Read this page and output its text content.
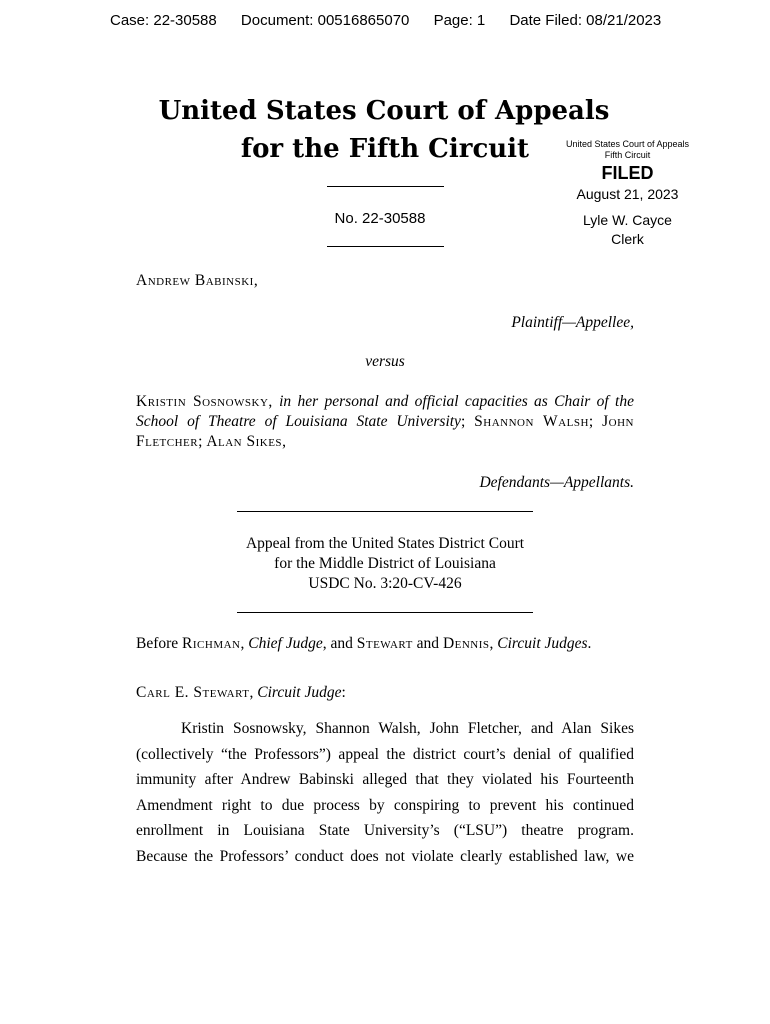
Case: 22-30588 Document: 00516865070 Page: 1 Date Filed: 08/21/2023
United States Court of Appeals
for the Fifth Circuit	United States Court of Appeals
Fifth Circuit
FILED
August 21, 2023
Lyle W. Cayce
Clerk
No. 22-30588
Andrew Babinski,
Plaintiff—Appellee,
versus
Kristin Sosnowsky, in her personal and official capacities as Chair of the School of Theatre of Louisiana State University; Shannon Walsh; John Fletcher; Alan Sikes,
Defendants—Appellants.
Appeal from the United States District Court
for the Middle District of Louisiana
USDC No. 3:20-CV-426
Before Richman, Chief Judge, and Stewart and Dennis, Circuit Judges.
Carl E. Stewart, Circuit Judge:
Kristin Sosnowsky, Shannon Walsh, John Fletcher, and Alan Sikes
(collectively “the Professors”) appeal the district court’s denial of qualified
immunity after Andrew Babinski alleged that they violated his Fourteenth
Amendment right to due process by conspiring to prevent his continued
enrollment in Louisiana State University’s (“LSU”) theatre program.
Because the Professors’ conduct does not violate clearly established law, we
